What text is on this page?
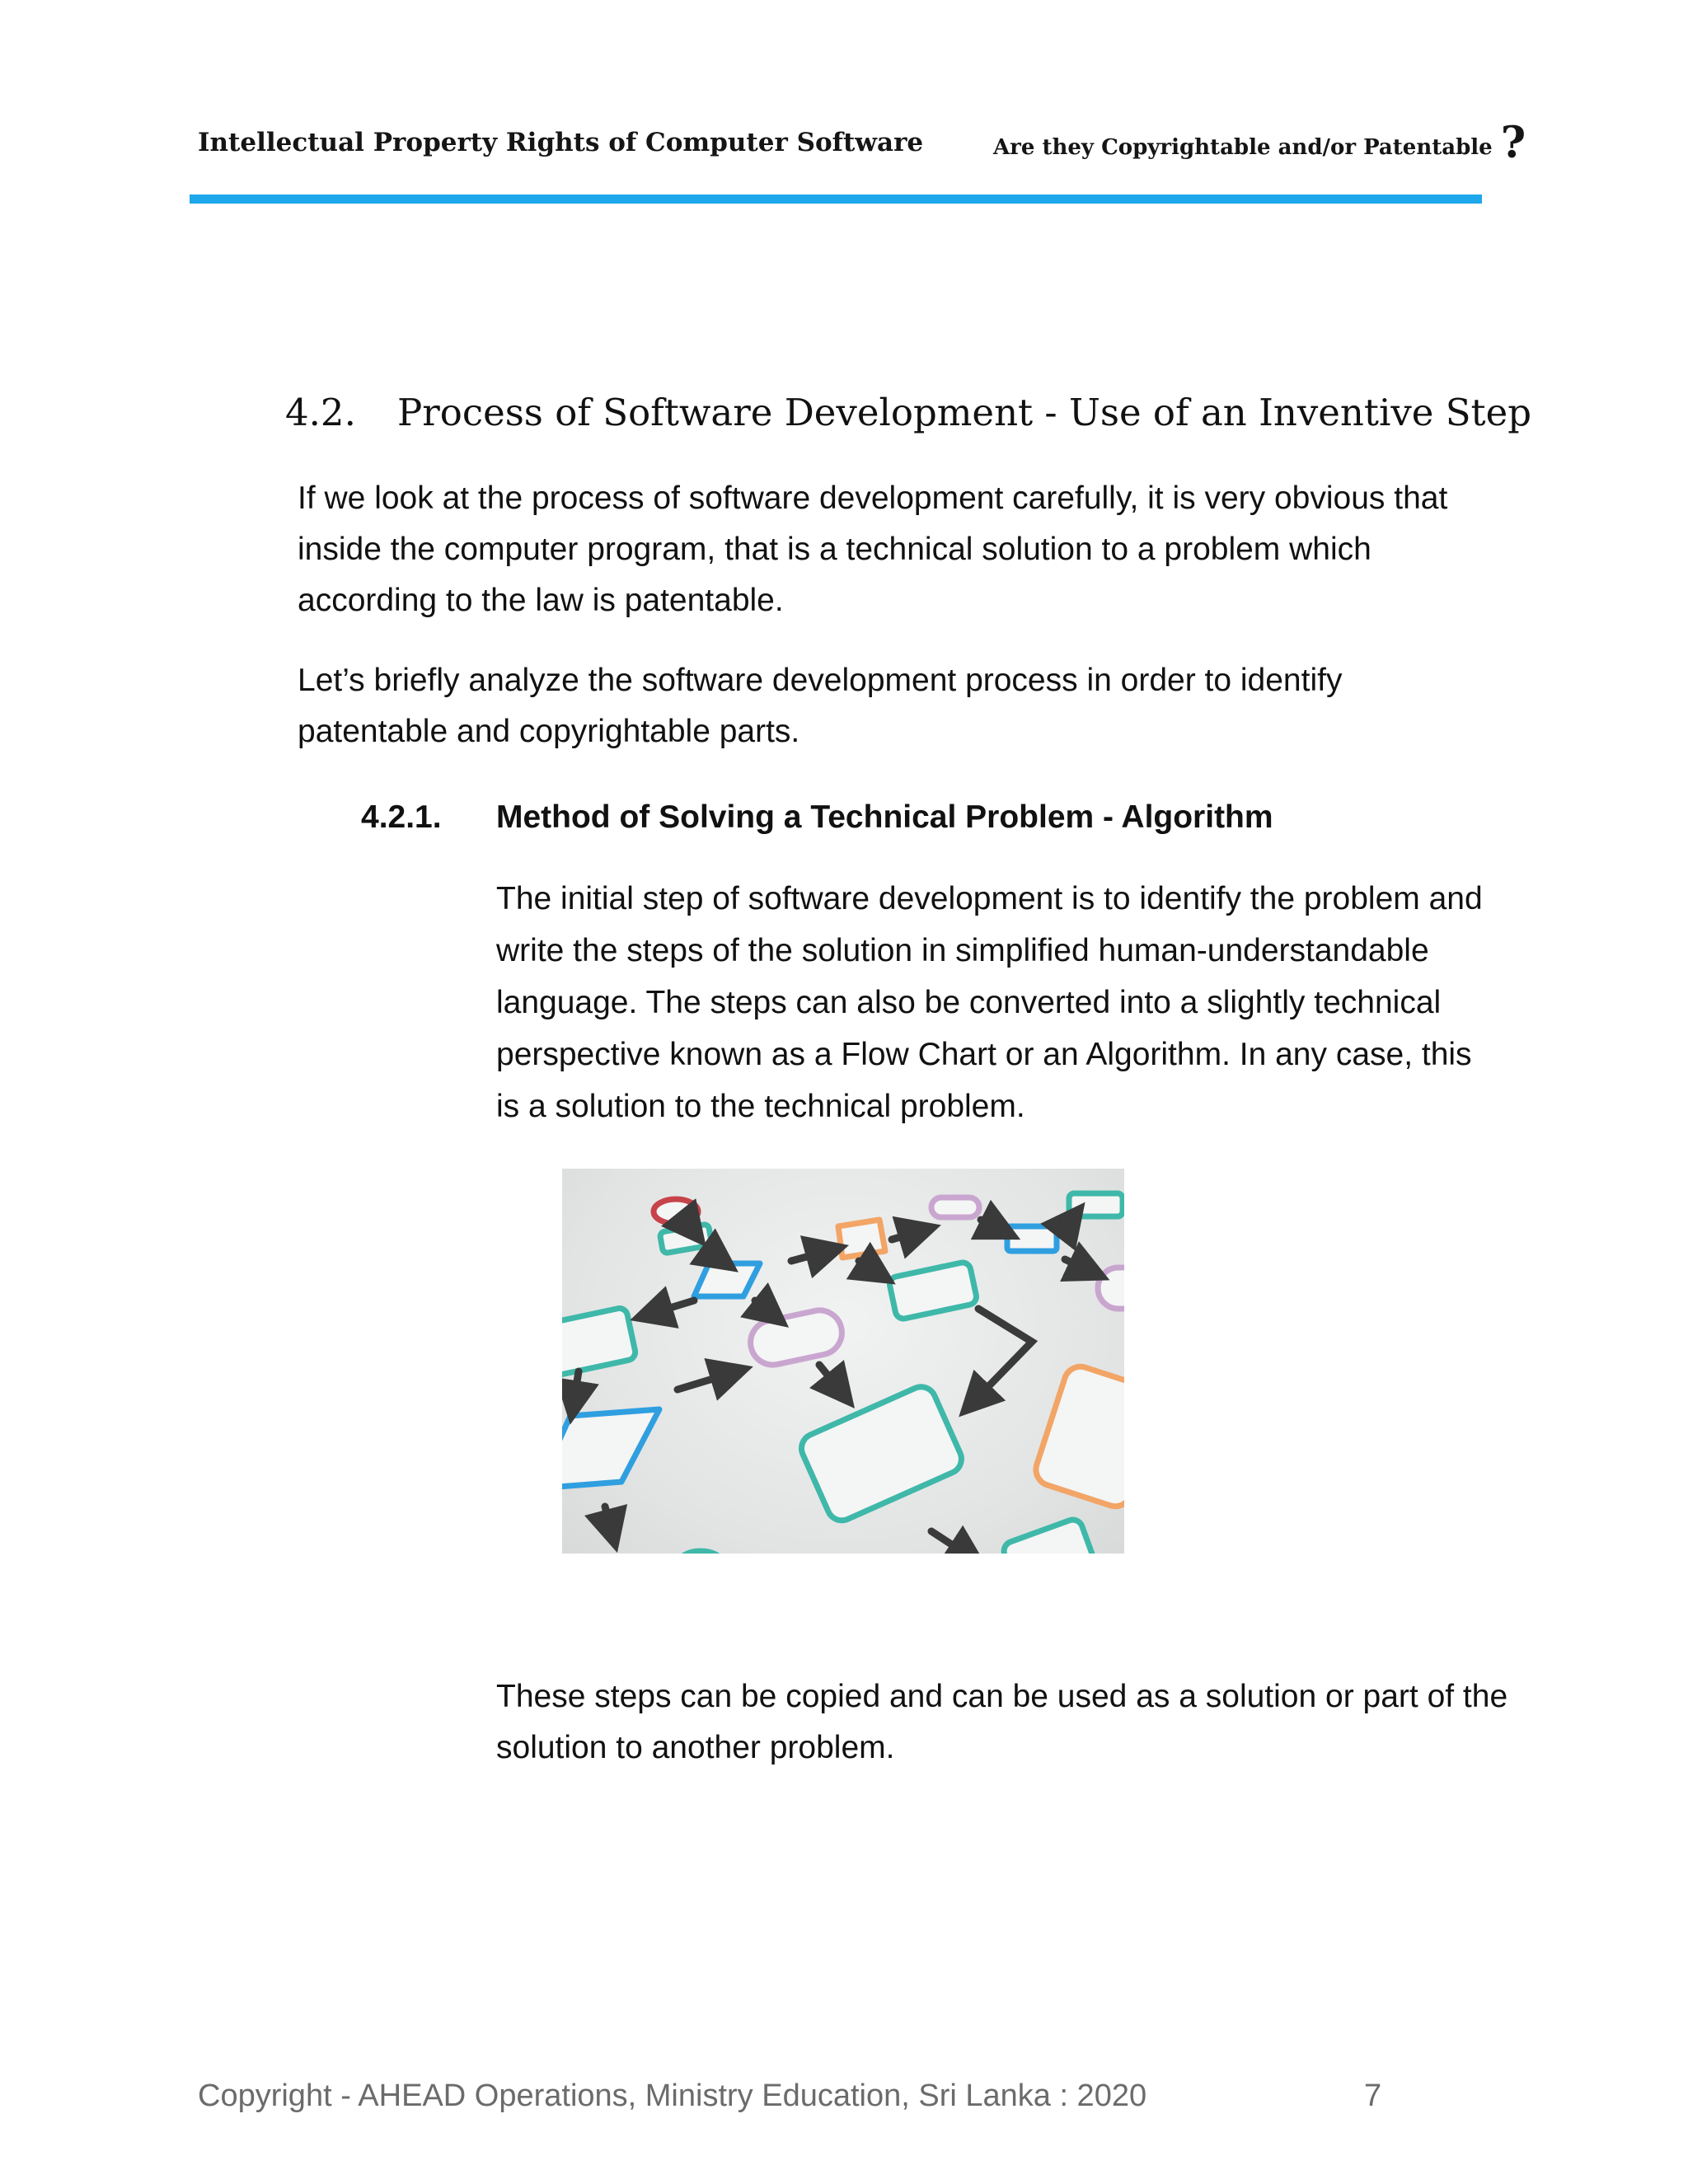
Intellectual Property Rights of Computer Software	Are they Copyrightable and/or Patentable ?
4.2. Process of Software Development - Use of an Inventive Step

If we look at the process of software development carefully, it is very obvious that inside the computer program, that is a technical solution to a problem which according to the law is patentable.

Let’s briefly analyze the software development process in order to identify patentable and copyrightable parts.

4.2.1. Method of Solving a Technical Problem - Algorithm

The initial step of software development is to identify the problem and write the steps of the solution in simplified human-understandable language. The steps can also be converted into a slightly technical perspective known as a Flow Chart or an Algorithm. In any case, this is a solution to the technical problem.

These steps can be copied and can be used as a solution or part of the solution to another problem.

Copyright - AHEAD Operations, Ministry Education, Sri Lanka : 2020	7
